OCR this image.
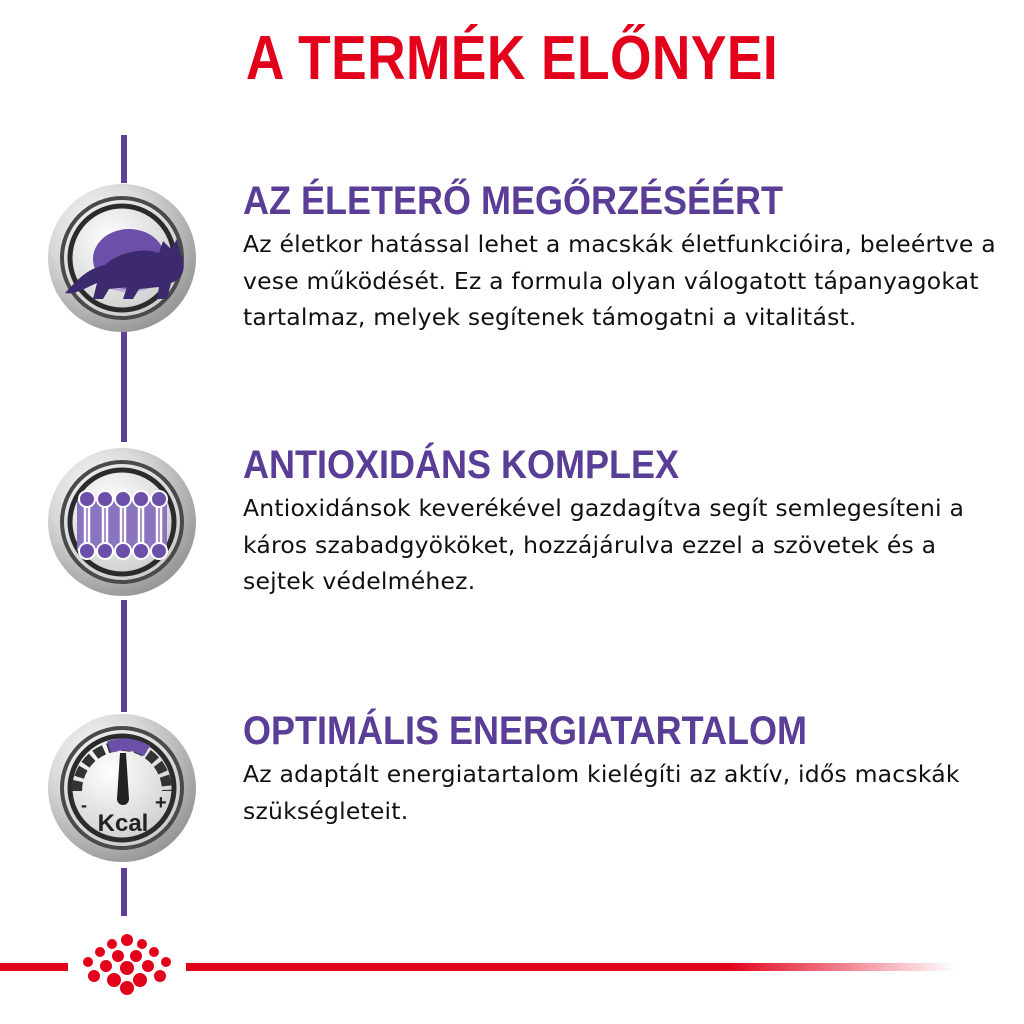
A TERMÉK ELŐNYEI
AZ ÉLETERŐ MEGŐRZÉSÉÉRT
Az életkor hatással lehet a macskák életfunkcióira, beleértve a vese működését. Ez a formula olyan válogatott tápanyagokat tartalmaz, melyek segítenek támogatni a vitalitást.
ANTIOXIDÁNS KOMPLEX
Antioxidánsok keverékével gazdagítva segít semlegesíteni a káros szabadgyököket, hozzájárulva ezzel a szövetek és a sejtek védelméhez.
-	+
Kcal
OPTIMÁLIS ENERGIATARTALOM
Az adaptált energiatartalom kielégíti az aktív, idős macskák szükségleteit.
